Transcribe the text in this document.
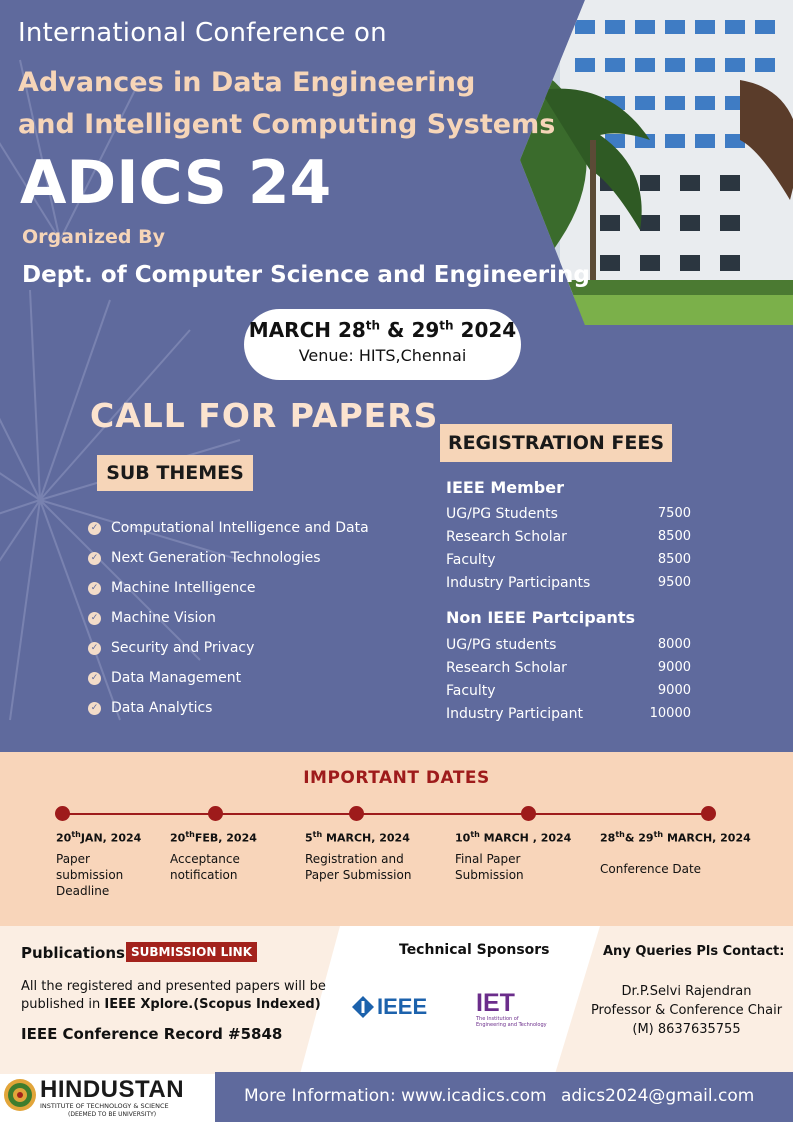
International Conference on
Advances in Data Engineering
and Intelligent Computing Systems
ADICS 24
Organized By
Dept. of Computer Science and Engineering
MARCH 28th & 29th 2024
Venue: HITS,Chennai
CALL FOR PAPERS
SUB THEMES
✓ Computational Intelligence and Data
✓ Next Generation Technologies
✓ Machine Intelligence
✓ Machine Vision
✓ Security and Privacy
✓ Data Management
✓ Data Analytics
REGISTRATION FEES
IEEE Member
UG/PG Students	7500
Research Scholar	8500
Faculty	8500
Industry Participants	9500
Non IEEE Partcipants
UG/PG students	8000
Research Scholar	9000
Faculty	9000
Industry Participant	10000
IMPORTANT DATES
20thJAN, 2024
Paper
submission
Deadline
20thFEB, 2024
Acceptance
notification
5th MARCH, 2024
Registration and
Paper Submission
10th MARCH , 2024
Final Paper
Submission
28th& 29th MARCH, 2024
Conference Date
Publications SUBMISSION LINK
All the registered and presented papers will be
published in IEEE Xplore.(Scopus Indexed)
IEEE Conference Record #5848
Technical Sponsors
IEEE IET
The Institution of
Engineering and Technology
Any Queries Pls Contact:
Dr.P.Selvi Rajendran
Professor & Conference Chair
(M) 8637635755
HINDUSTAN
INSTITUTE OF TECHNOLOGY & SCIENCE
(DEEMED TO BE UNIVERSITY)
More Information: www.icadics.com adics2024@gmail.com
